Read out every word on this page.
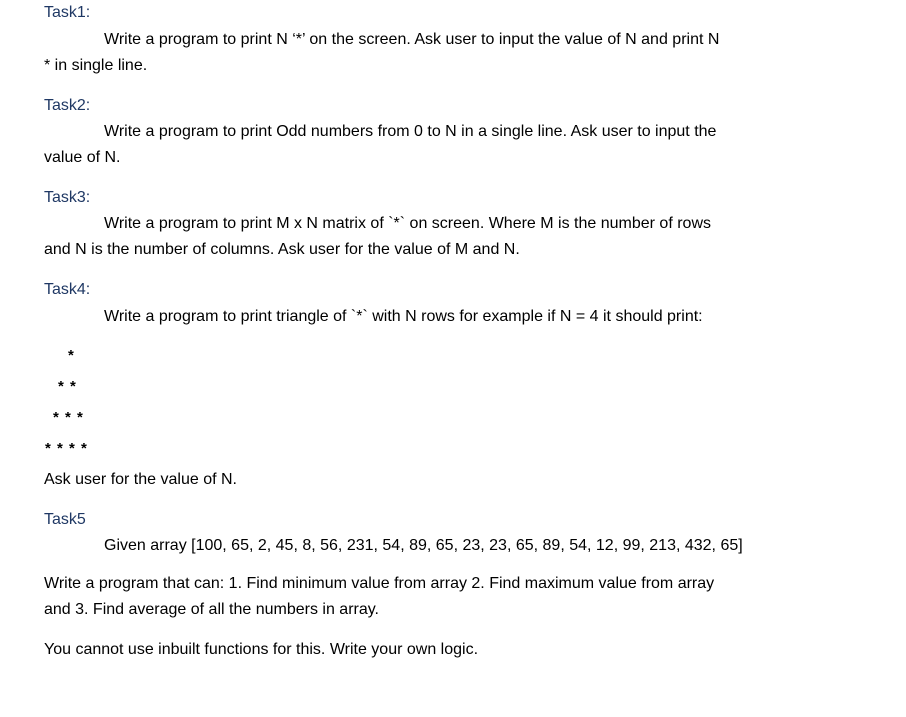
Task1:
Write a program to print N ‘*’ on the screen. Ask user to input the value of N and print N
* in single line.
Task2:
Write a program to print Odd numbers from 0 to N in a single line. Ask user to input the
value of N.
Task3:
Write a program to print M x N matrix of `*` on screen. Where M is the number of rows
and N is the number of columns. Ask user for the value of M and N.
Task4:
Write a program to print triangle of `*` with N rows for example if N = 4 it should print:
*
* *
* * *
* * * *
Ask user for the value of N.
Task5
Given array [100, 65, 2, 45, 8, 56, 231, 54, 89, 65, 23, 23, 65, 89, 54, 12, 99, 213, 432, 65]
Write a program that can: 1. Find minimum value from array 2. Find maximum value from array
and 3. Find average of all the numbers in array.
You cannot use inbuilt functions for this. Write your own logic.
